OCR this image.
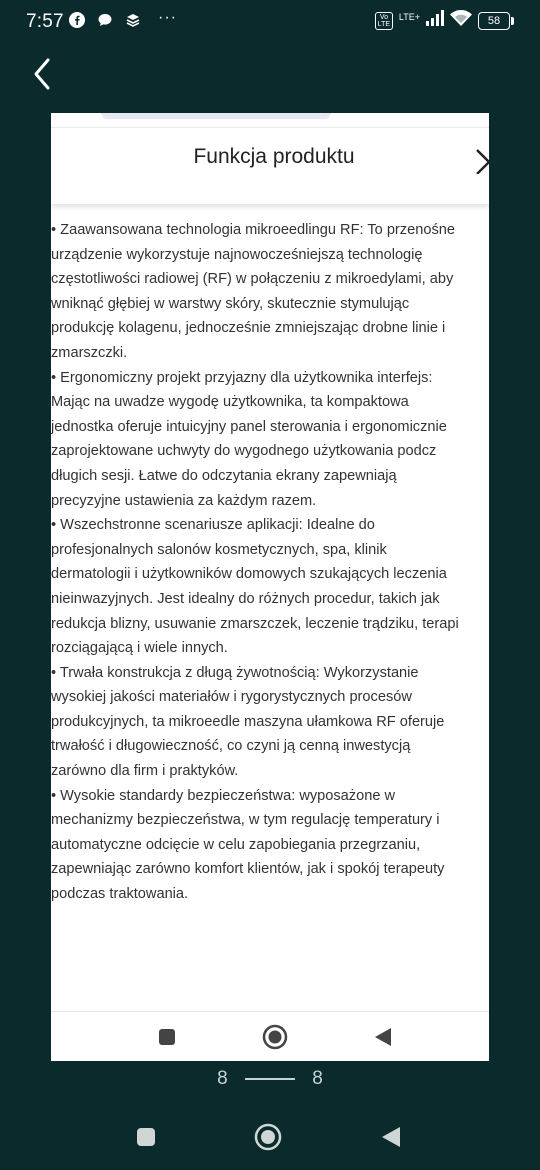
7:57	···	Vo LTE
LTE+	58
Funkcja produktu

• Zaawansowana technologia mikroeedlingu RF: To przenośne

urządzenie wykorzystuje najnowocześniejszą technologię

częstotliwości radiowej (RF) w połączeniu z mikroedylami, aby

wniknąć głębiej w warstwy skóry, skutecznie stymulując

produkcję kolagenu, jednocześnie zmniejszając drobne linie i

zmarszczki.

• Ergonomiczny projekt przyjazny dla użytkownika interfejs:

Mając na uwadze wygodę użytkownika, ta kompaktowa

jednostka oferuje intuicyjny panel sterowania i ergonomicznie

zaprojektowane uchwyty do wygodnego użytkowania podcz

długich sesji. Łatwe do odczytania ekrany zapewniają

precyzyjne ustawienia za każdym razem.

• Wszechstronne scenariusze aplikacji: Idealne do

profesjonalnych salonów kosmetycznych, spa, klinik

dermatologii i użytkowników domowych szukających leczenia

nieinwazyjnych. Jest idealny do różnych procedur, takich jak

redukcja blizny, usuwanie zmarszczek, leczenie trądziku, terapi

rozciągającą i wiele innych.

• Trwała konstrukcja z długą żywotnością: Wykorzystanie

wysokiej jakości materiałów i rygorystycznych procesów

produkcyjnych, ta mikroeedle maszyna ułamkowa RF oferuje

trwałość i długowieczność, co czyni ją cenną inwestycją

zarówno dla firm i praktyków.

• Wysokie standardy bezpieczeństwa: wyposażone w

mechanizmy bezpieczeństwa, w tym regulację temperatury i

automatyczne odcięcie w celu zapobiegania przegrzaniu,

zapewniając zarówno komfort klientów, jak i spokój terapeuty

podczas traktowania.

8	8
